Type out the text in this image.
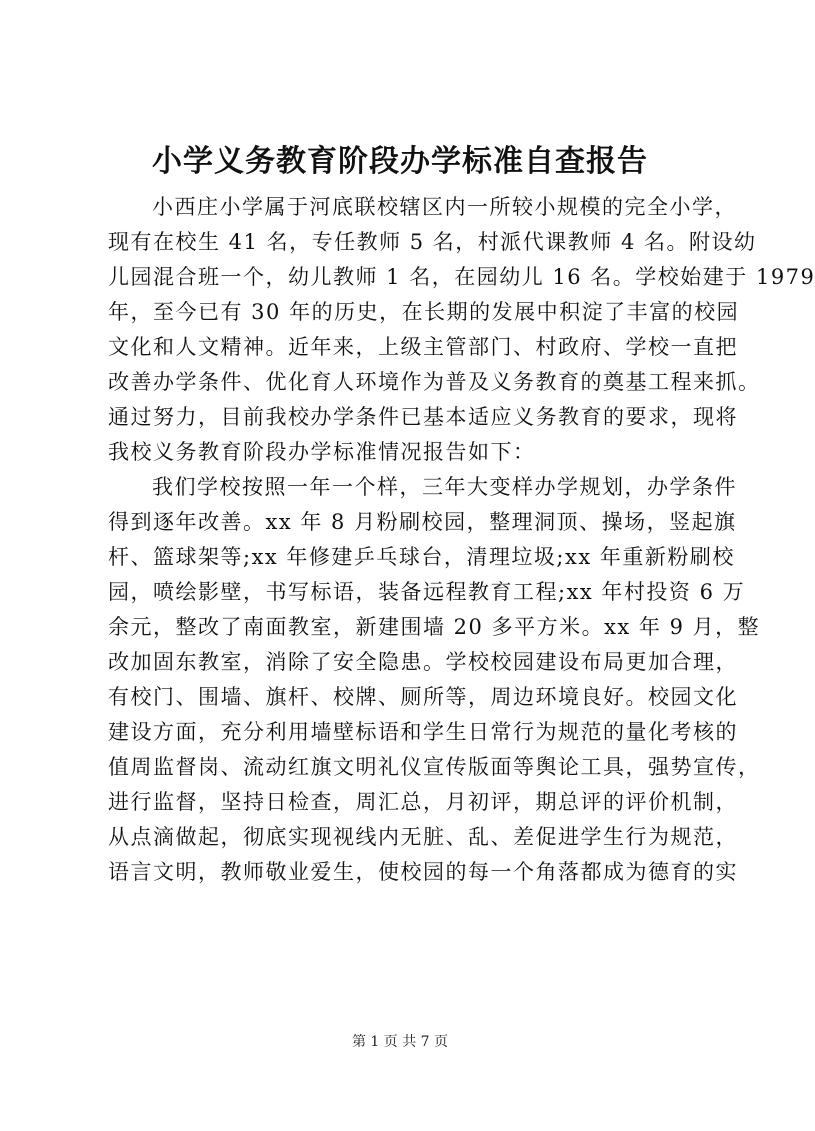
小学义务教育阶段办学标准自查报告
小西庄小学属于河底联校辖区内一所较小规模的完全小学，
现有在校生 41 名，专任教师 5 名，村派代课教师 4 名。附设幼
儿园混合班一个，幼儿教师 1 名，在园幼儿 16 名。学校始建于 1979
年，至今已有 30 年的历史，在长期的发展中积淀了丰富的校园
文化和人文精神。近年来，上级主管部门、村政府、学校一直把
改善办学条件、优化育人环境作为普及义务教育的奠基工程来抓。
通过努力，目前我校办学条件已基本适应义务教育的要求，现将
我校义务教育阶段办学标准情况报告如下：
我们学校按照一年一个样，三年大变样办学规划，办学条件
得到逐年改善。xx 年 8 月粉刷校园，整理洞顶、操场，竖起旗
杆、篮球架等;xx 年修建乒乓球台，清理垃圾;xx 年重新粉刷校
园，喷绘影壁，书写标语，装备远程教育工程;xx 年村投资 6 万
余元，整改了南面教室，新建围墙 20 多平方米。xx 年 9 月，整
改加固东教室，消除了安全隐患。学校校园建设布局更加合理，
有校门、围墙、旗杆、校牌、厕所等，周边环境良好。校园文化
建设方面，充分利用墙壁标语和学生日常行为规范的量化考核的
值周监督岗、流动红旗文明礼仪宣传版面等舆论工具，强势宣传，
进行监督，坚持日检查，周汇总，月初评，期总评的评价机制，
从点滴做起，彻底实现视线内无脏、乱、差促进学生行为规范，
语言文明，教师敬业爱生，使校园的每一个角落都成为德育的实
第 1 页 共 7 页
